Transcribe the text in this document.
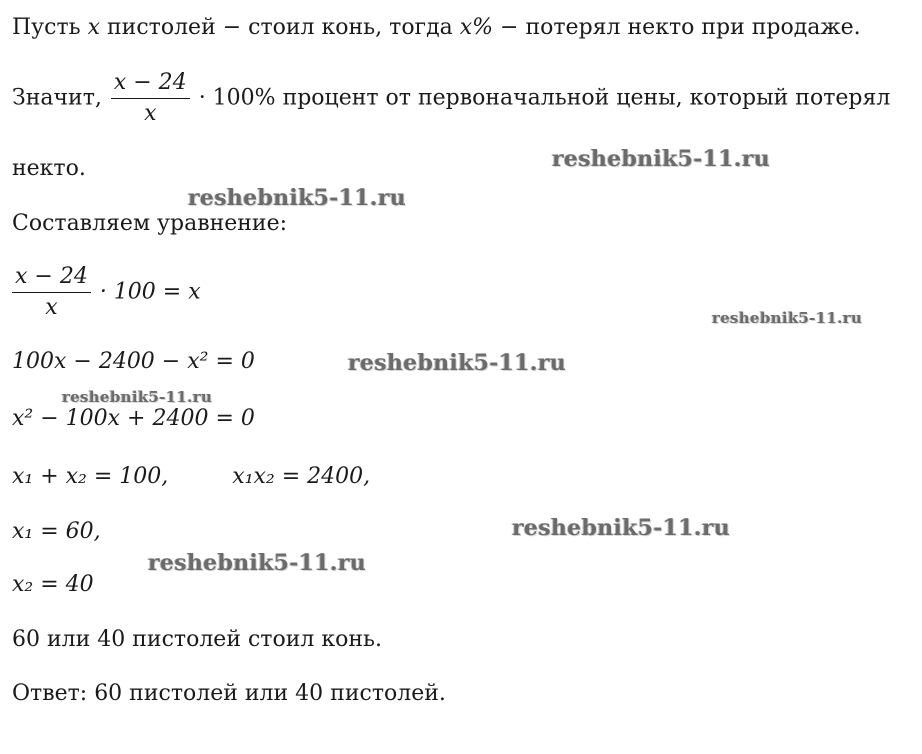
Пусть x пистолей − стоил конь, тогда x% − потерял некто при продаже.
Значит, $\frac{x - 24}{x} \cdot 100\%$ процент от первоначальной цены, который потерял
некто.
Составляем уравнение:
$\frac{x - 24}{x} \cdot 100 = x$
100x − 2400 − x² = 0
x² − 100x + 2400 = 0
x₁ + x₂ = 100,	x₁x₂ = 2400,
x₁ = 60,
x₂ = 40
60 или 40 пистолей стоил конь.
Ответ: 60 пистолей или 40 пистолей.
reshebnik5-11.ru
reshebnik5-11.ru
reshebnik5-11.ru
reshebnik5-11.ru
reshebnik5-11.ru
reshebnik5-11.ru
reshebnik5-11.ru
